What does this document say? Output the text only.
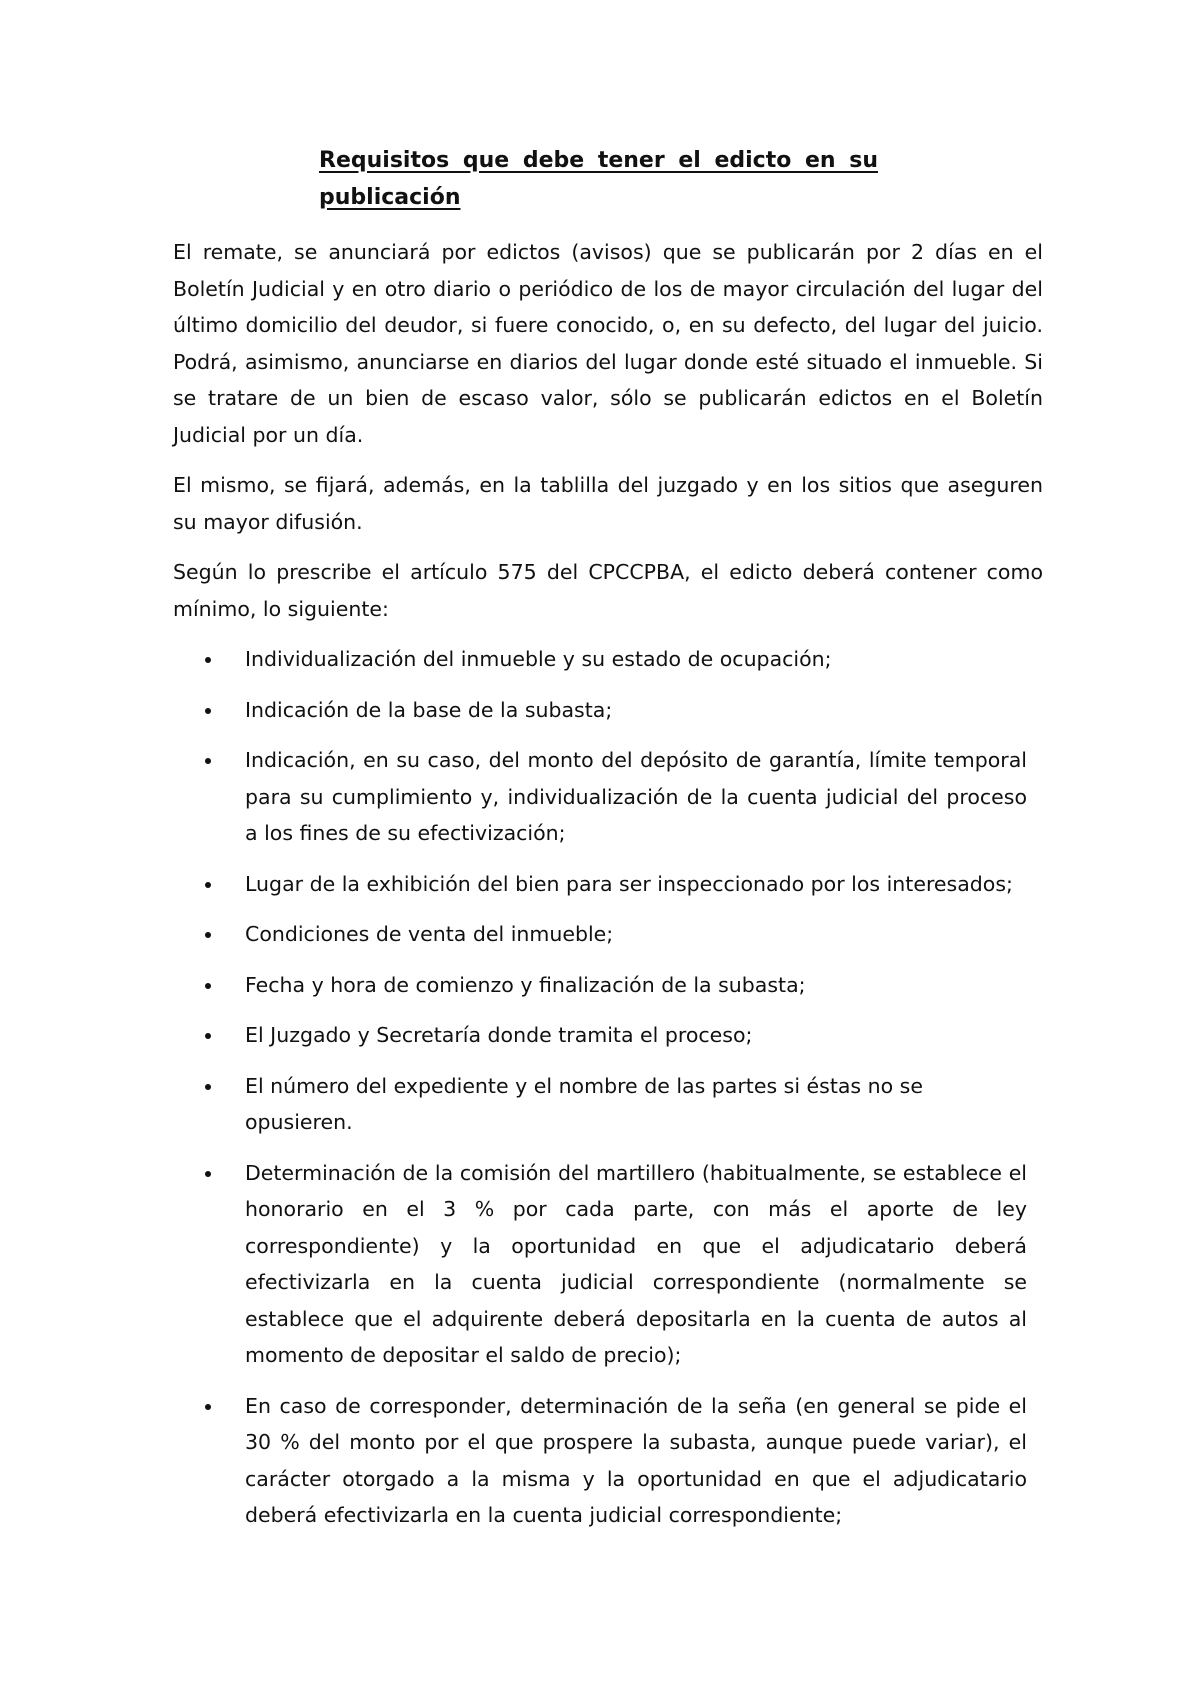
Requisitos que debe tener el edicto en su publicación

El remate, se anunciará por edictos (avisos) que se publicarán por 2 días en el Boletín Judicial y en otro diario o periódico de los de mayor circulación del lugar del último domicilio del deudor, si fuere conocido, o, en su defecto, del lugar del juicio. Podrá, asimismo, anunciarse en diarios del lugar donde esté situado el inmueble. Si se tratare de un bien de escaso valor, sólo se publicarán edictos en el Boletín Judicial por un día.

El mismo, se fijará, además, en la tablilla del juzgado y en los sitios que aseguren su mayor difusión.

Según lo prescribe el artículo 575 del CPCCPBA, el edicto deberá contener como mínimo, lo siguiente:

Individualización del inmueble y su estado de ocupación;
Indicación de la base de la subasta;
Indicación, en su caso, del monto del depósito de garantía, límite temporal para su cumplimiento y, individualización de la cuenta judicial del proceso a los fines de su efectivización;
Lugar de la exhibición del bien para ser inspeccionado por los interesados;
Condiciones de venta del inmueble;
Fecha y hora de comienzo y finalización de la subasta;
El Juzgado y Secretaría donde tramita el proceso;
El número del expediente y el nombre de las partes si éstas no se opusieren.
Determinación de la comisión del martillero (habitualmente, se establece el honorario en el 3 % por cada parte, con más el aporte de ley correspondiente) y la oportunidad en que el adjudicatario deberá efectivizarla en la cuenta judicial correspondiente (normalmente se establece que el adquirente deberá depositarla en la cuenta de autos al momento de depositar el saldo de precio);
En caso de corresponder, determinación de la seña (en general se pide el 30 % del monto por el que prospere la subasta, aunque puede variar), el carácter otorgado a la misma y la oportunidad en que el adjudicatario deberá efectivizarla en la cuenta judicial correspondiente;
